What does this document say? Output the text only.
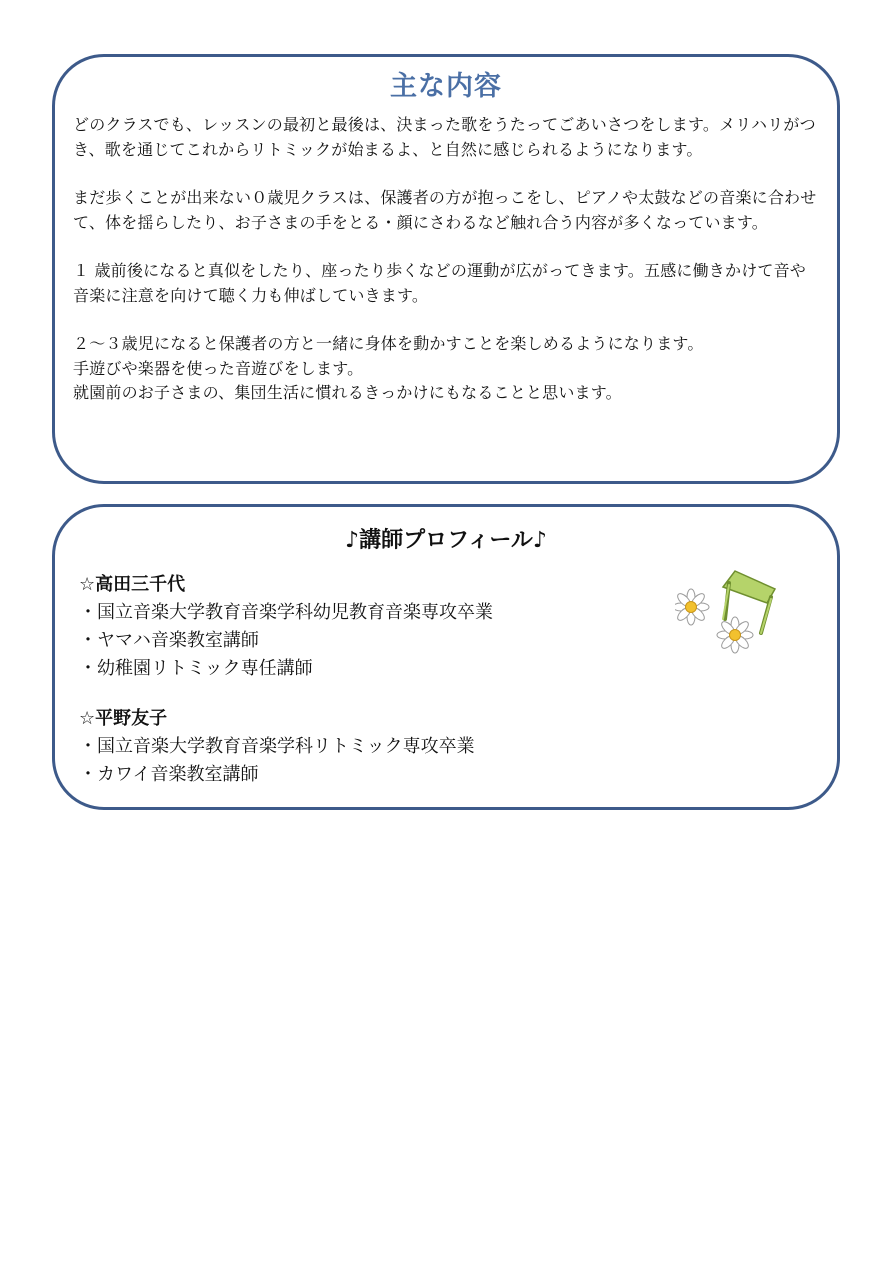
主な内容

どのクラスでも、レッスンの最初と最後は、決まった歌をうたってごあいさつをします。メリハリがつき、歌を通じてこれからリトミックが始まるよ、と自然に感じられるようになります。

まだ歩くことが出来ない０歳児クラスは、保護者の方が抱っこをし、ピアノや太鼓などの音楽に合わせて、体を揺らしたり、お子さまの手をとる・顔にさわるなど触れ合う内容が多くなっています。

１ 歳前後になると真似をしたり、座ったり歩くなどの運動が広がってきます。五感に働きかけて音や音楽に注意を向けて聴く力も伸ばしていきます。

２～３歳児になると保護者の方と一緒に身体を動かすことを楽しめるようになります。
手遊びや楽器を使った音遊びをします。
就園前のお子さまの、集団生活に慣れるきっかけにもなることと思います。

♪講師プロフィール♪
☆高田三千代
・ 国立音楽大学教育音楽学科幼児教育音楽専攻卒業
・ ヤマハ音楽教室講師
・ 幼稚園リトミック専任講師
☆平野友子
・ 国立音楽大学教育音楽学科リトミック専攻卒業
・ カワイ音楽教室講師
